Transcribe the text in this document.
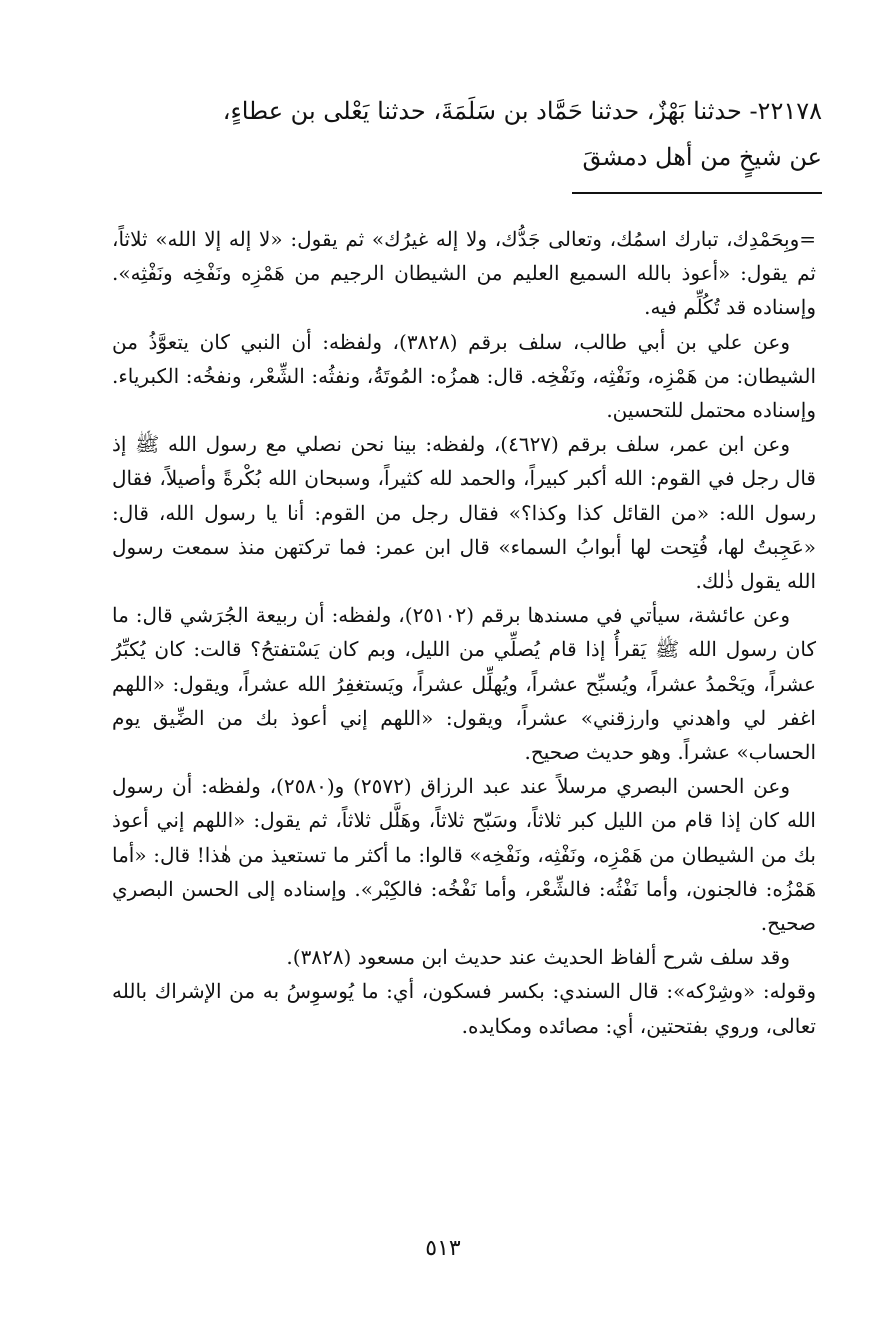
٢٢١٧٨- حدثنا بَهْزٌ، حدثنا حَمَّاد بن سَلَمَةَ، حدثنا يَعْلى بن عطاءٍ،
عن شيخٍ من أهل دمشقَ

=وبِحَمْدِك، تبارك اسمُك، وتعالى جَدُّك، ولا إله غيرُك» ثم يقول: «لا إله إلا الله» ثلاثاً، ثم يقول: «أعوذ بالله السميع العليم من الشيطان الرجيم من هَمْزِه ونَفْخِه ونَفْثِه». وإسناده قد تُكُلِّم فيه.

وعن علي بن أبي طالب، سلف برقم (٣٨٢٨)، ولفظه: أن النبي كان يتعوَّذُ من الشيطان: من هَمْزِه، ونَفْثِه، ونَفْخِه. قال: همزُه: المُوتَةُ، ونفثُه: الشِّعْر، ونفخُه: الكبرياء. وإسناده محتمل للتحسين.

وعن ابن عمر، سلف برقم (٤٦٢٧)، ولفظه: بينا نحن نصلي مع رسول الله ﷺ إذ قال رجل في القوم: الله أكبر كبيراً، والحمد لله كثيراً، وسبحان الله بُكْرةً وأصيلاً، فقال رسول الله: «من القائل كذا وكذا؟» فقال رجل من القوم: أنا يا رسول الله، قال: «عَجِبتُ لها، فُتِحت لها أبوابُ السماء» قال ابن عمر: فما تركتهن منذ سمعت رسول الله يقول ذٰلك.

وعن عائشة، سيأتي في مسندها برقم (٢٥١٠٢)، ولفظه: أن ربيعة الجُرَشي قال: ما كان رسول الله ﷺ يَقرأُ إذا قام يُصلِّي من الليل، وبم كان يَسْتفتحُ؟ قالت: كان يُكبِّرُ عشراً، ويَحْمدُ عشراً، ويُسبِّح عشراً، ويُهلِّل عشراً، ويَستغفِرُ الله عشراً، ويقول: «اللهم اغفر لي واهدني وارزقني» عشراً، ويقول: «اللهم إني أعوذ بك من الضِّيق يوم الحساب» عشراً. وهو حديث صحيح.

وعن الحسن البصري مرسلاً عند عبد الرزاق (٢٥٧٢) و(٢٥٨٠)، ولفظه: أن رسول الله كان إذا قام من الليل كبر ثلاثاً، وسَبّح ثلاثاً، وهَلَّل ثلاثاً، ثم يقول: «اللهم إني أعوذ بك من الشيطان من هَمْزِه، ونَفْثِه، ونَفْخِه» قالوا: ما أكثر ما تستعيذ من هٰذا! قال: «أما هَمْزُه: فالجنون، وأما نَفْثُه: فالشِّعْر، وأما نَفْخُه: فالكِبْر». وإسناده إلى الحسن البصري صحيح.

وقد سلف شرح ألفاظ الحديث عند حديث ابن مسعود (٣٨٢٨).

وقوله: «وشِرْكه»: قال السندي: بكسر فسكون، أي: ما يُوسوِسُ به من الإشراك بالله تعالى، وروي بفتحتين، أي: مصائده ومكايده.

٥١٣
